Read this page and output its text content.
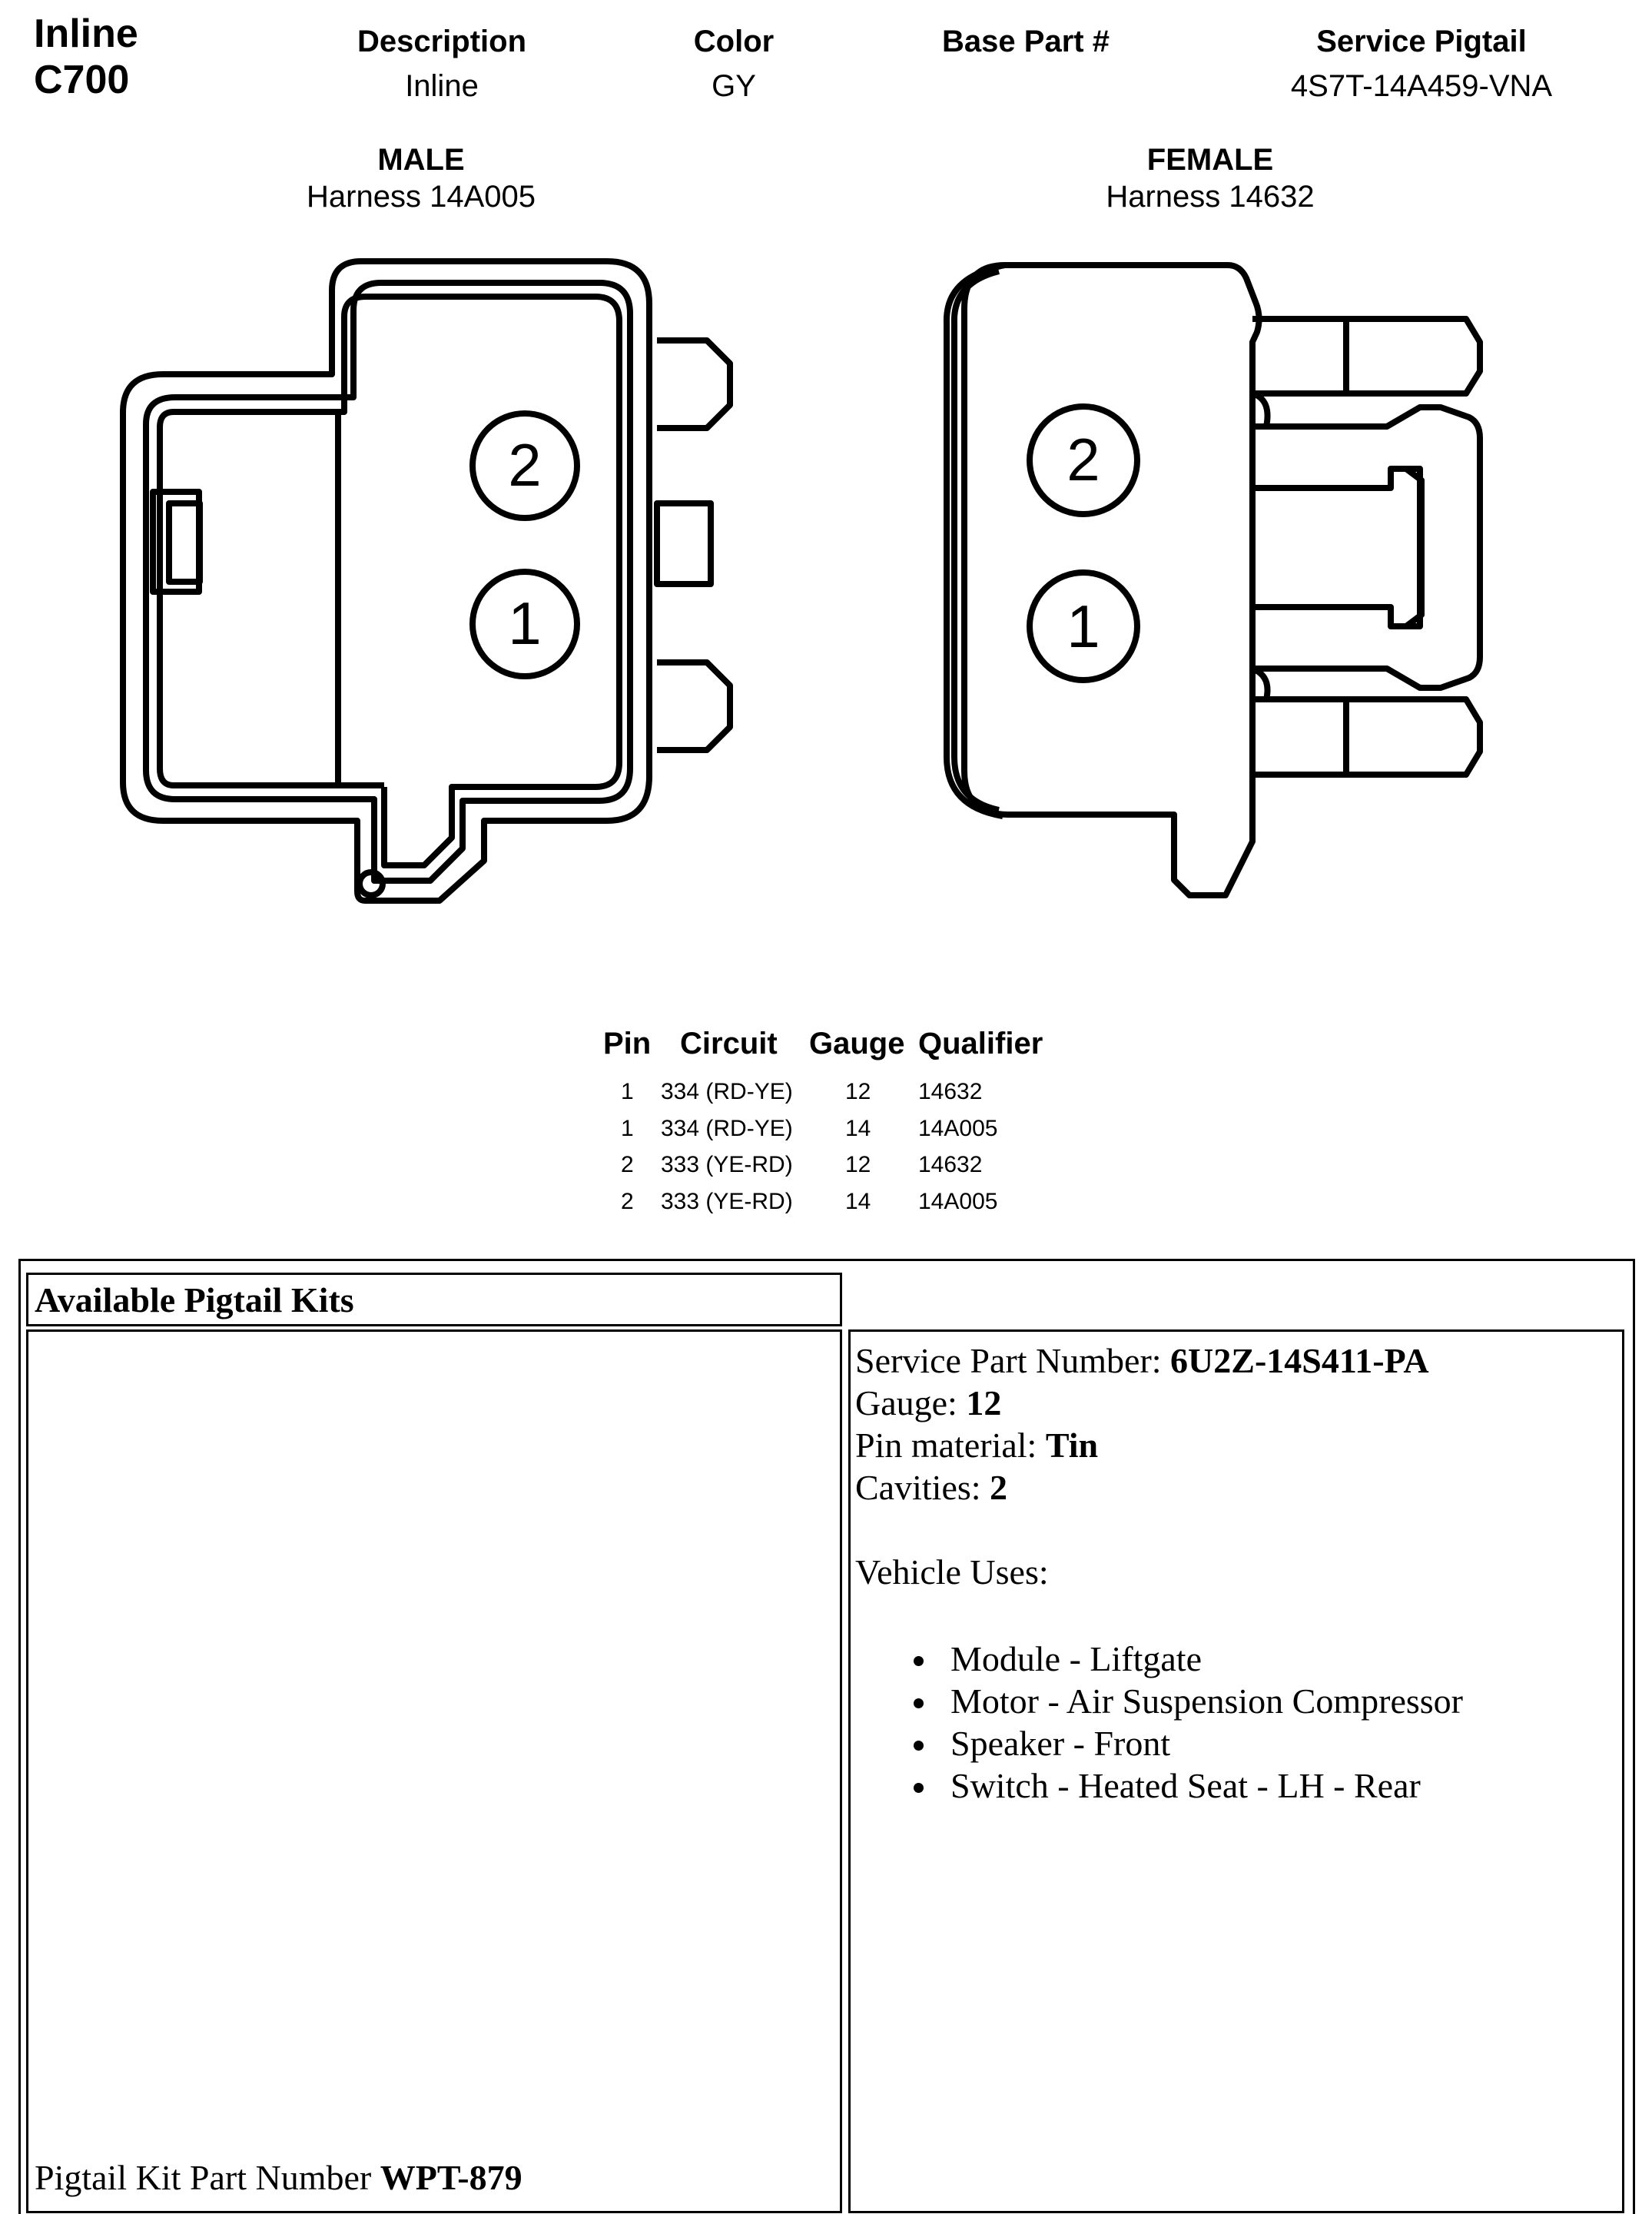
Inline
C700
Description
Inline
Color
GY
Base Part #	Service Pigtail
4S7T-14A459-VNA
MALE
Harness 14A005
FEMALE
Harness 14632
2
1
2
1
Pin Circuit Gauge Qualifier
1 334 (RD-YE) 12 14632
1 334 (RD-YE) 14 14A005
2 333 (YE-RD) 12 14632
2 333 (YE-RD) 14 14A005
Available Pigtail Kits
Pigtail Kit Part Number WPT-879
Service Part Number: 6U2Z-14S411-PA
Gauge: 12
Pin material: Tin
Cavities: 2
Vehicle Uses:
Module - Liftgate
Motor - Air Suspension Compressor
Speaker - Front
Switch - Heated Seat - LH - Rear
